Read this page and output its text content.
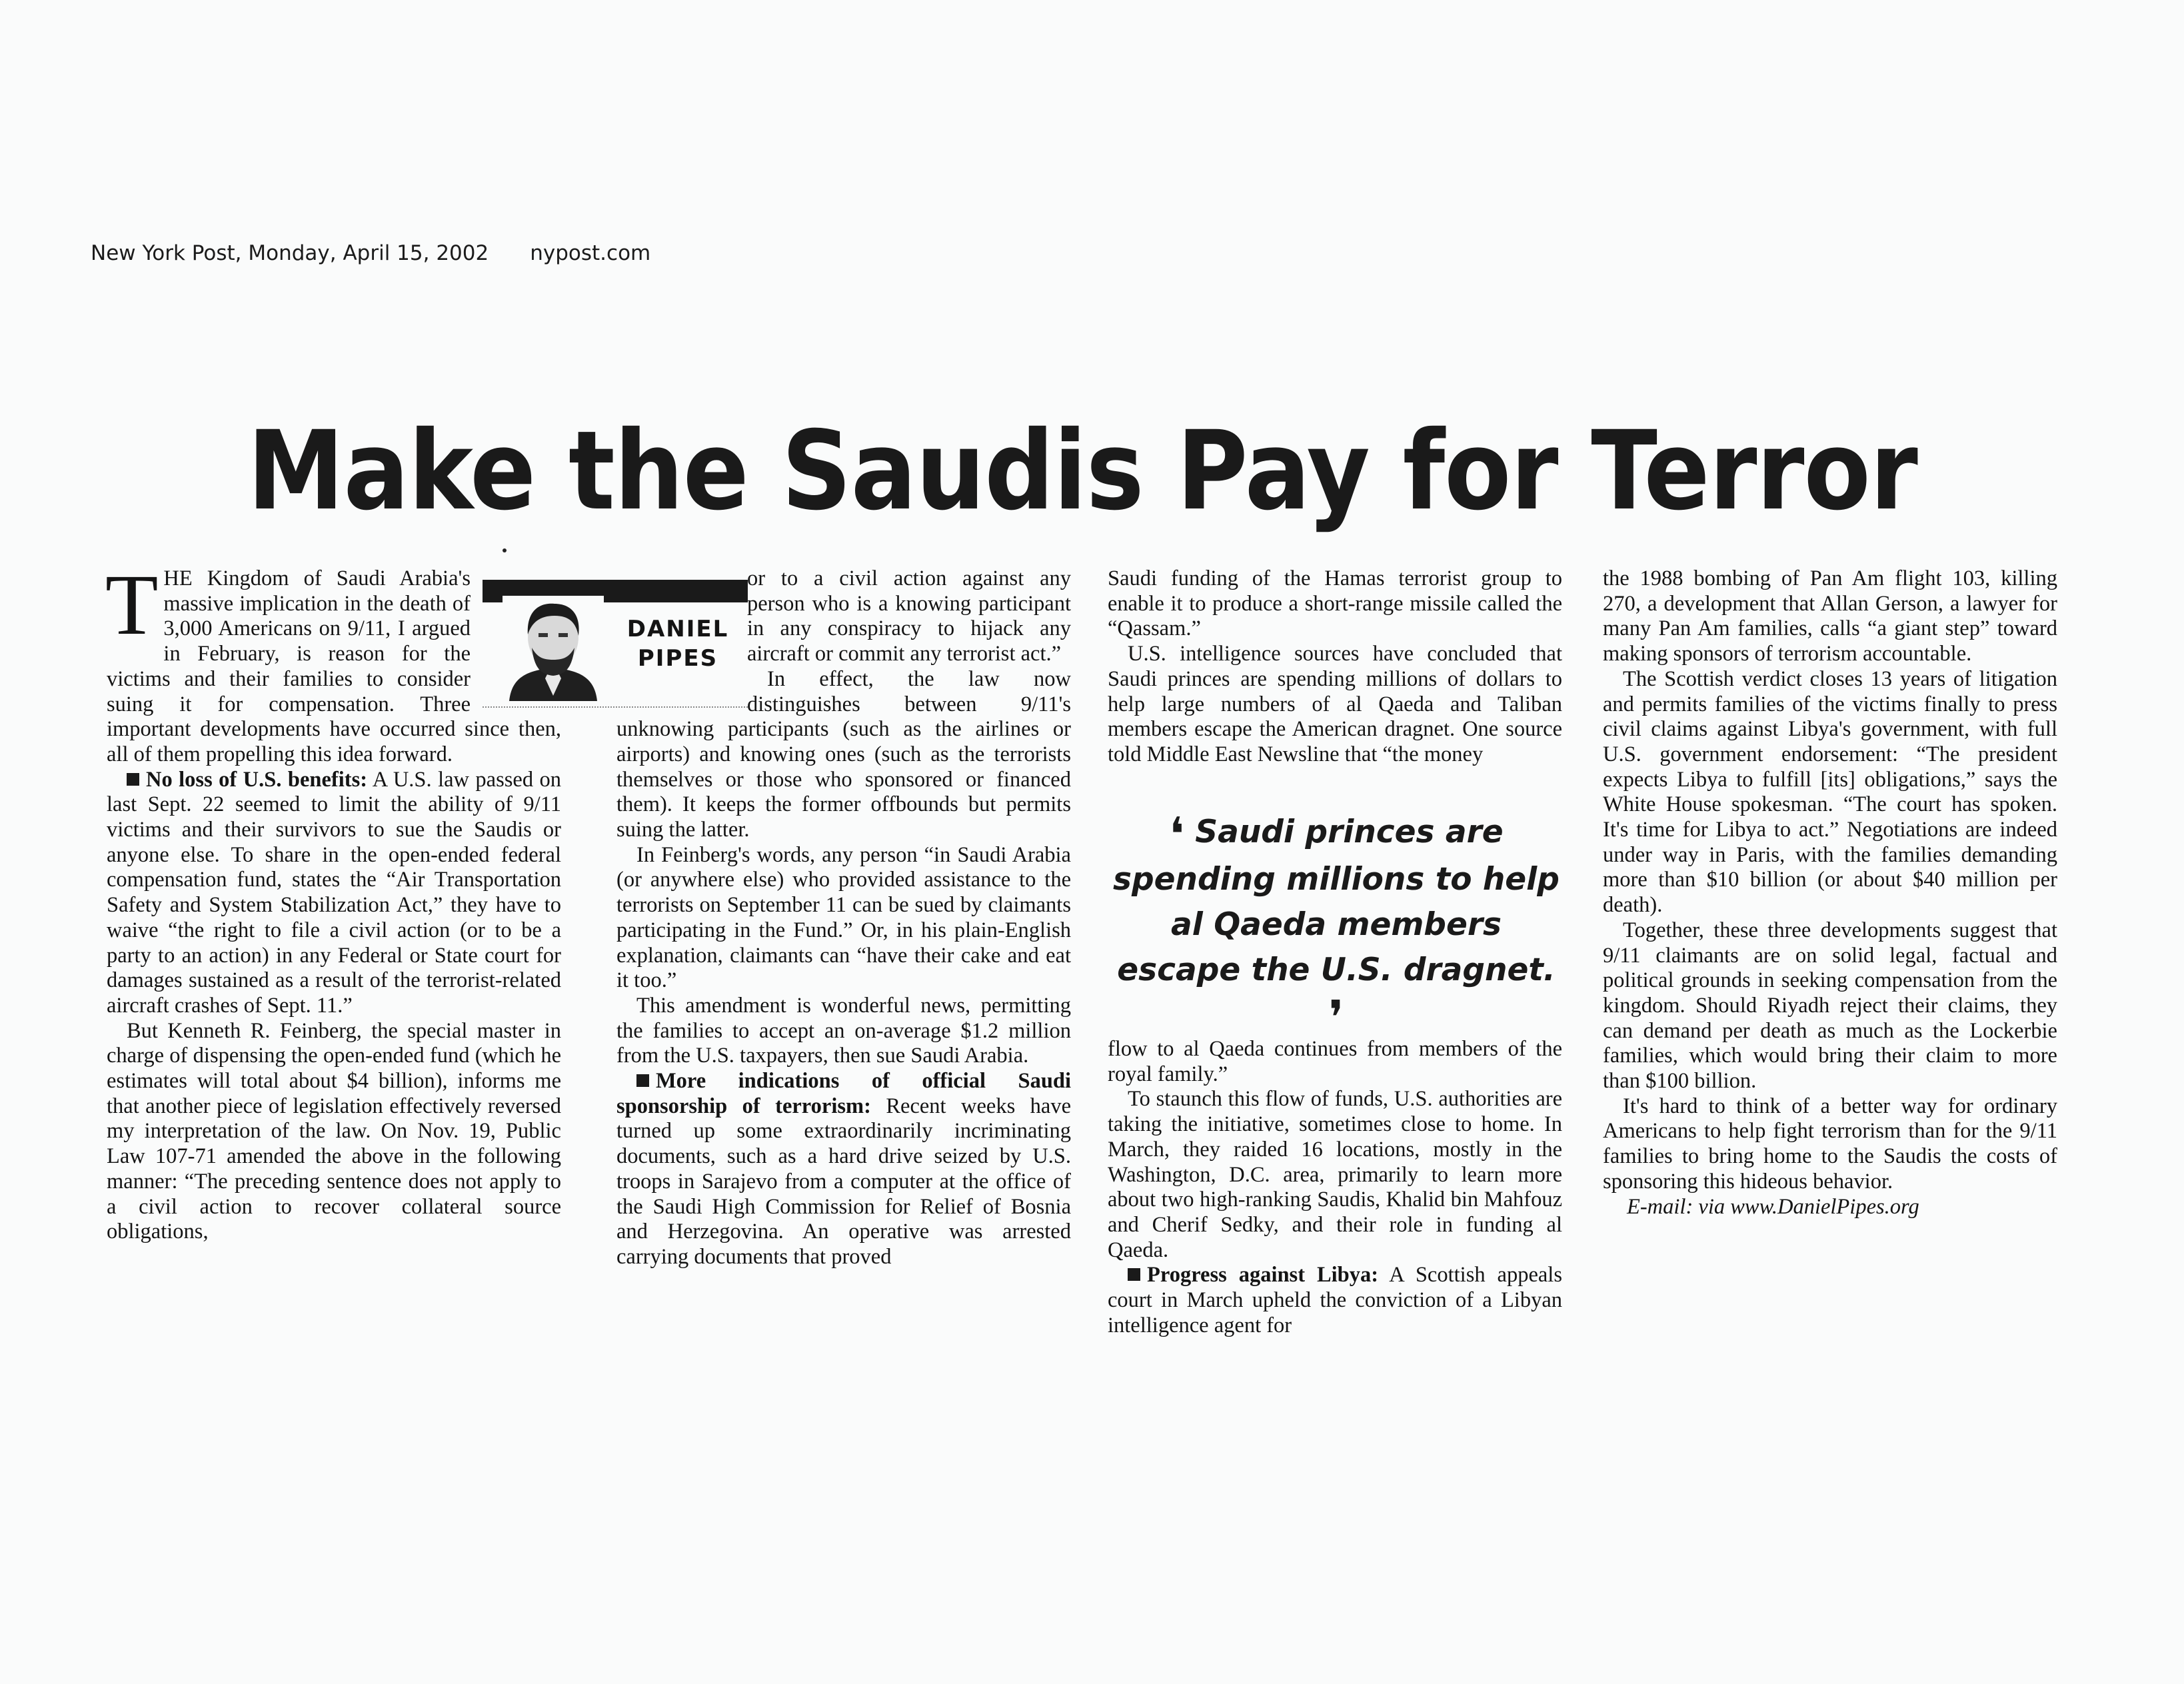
New York Post, Monday, April 15, 2002 nypost.com
Make the Saudis Pay for Terror
DANIEL
PIPES

THE Kingdom of Saudi Arabia's massive implication in the death of 3,000 Americans on 9/11, I argued in February, is reason for the victims and their families to consider suing it for compensation. Three important developments have occurred since then, all of them propelling this idea forward.

No loss of U.S. benefits: A U.S. law passed on last Sept. 22 seemed to limit the ability of 9/11 victims and their survivors to sue the Saudis or anyone else. To share in the open-ended federal compensation fund, states the “Air Transportation Safety and System Stabilization Act,” they have to waive “the right to file a civil action (or to be a party to an action) in any Federal or State court for damages sustained as a result of the terrorist-related aircraft crashes of Sept. 11.”

But Kenneth R. Feinberg, the special master in charge of dispensing the open-ended fund (which he estimates will total about $4 billion), informs me that another piece of legislation effectively reversed my interpretation of the law. On Nov. 19, Public Law 107-71 amended the above in the following manner: “The preceding sentence does not apply to a civil action to recover collateral source obligations,

or to a civil action against any person who is a knowing participant in any conspiracy to hijack any aircraft or commit any terrorist act.”

In effect, the law now distinguishes between 9/11's unknowing participants (such as the airlines or airports) and knowing ones (such as the terrorists themselves or those who sponsored or financed them). It keeps the former offbounds but permits suing the latter.

In Feinberg's words, any person “in Saudi Arabia (or anywhere else) who provided assistance to the terrorists on September 11 can be sued by claimants participating in the Fund.” Or, in his plain-English explanation, claimants can “have their cake and eat it too.”

This amendment is wonderful news, permitting the families to accept an on-average $1.2 million from the U.S. taxpayers, then sue Saudi Arabia.

More indications of official Saudi sponsorship of terrorism: Recent weeks have turned up some extraordinarily incriminating documents, such as a hard drive seized by U.S. troops in Sarajevo from a computer at the office of the Saudi High Commission for Relief of Bosnia and Herzegovina. An operative was arrested carrying documents that proved

Saudi funding of the Hamas terrorist group to enable it to produce a short-range missile called the “Qassam.”

U.S. intelligence sources have concluded that Saudi princes are spending millions of dollars to help large numbers of al Qaeda and Taliban members escape the American dragnet. One source told Middle East Newsline that “the money

❛ Saudi princes are spending millions to help al Qaeda members escape the U.S. dragnet. ❜

flow to al Qaeda continues from members of the royal family.”

To staunch this flow of funds, U.S. authorities are taking the initiative, sometimes close to home. In March, they raided 16 locations, mostly in the Washington, D.C. area, primarily to learn more about two high-ranking Saudis, Khalid bin Mahfouz and Cherif Sedky, and their role in funding al Qaeda.

Progress against Libya: A Scottish appeals court in March upheld the conviction of a Libyan intelligence agent for

the 1988 bombing of Pan Am flight 103, killing 270, a development that Allan Gerson, a lawyer for many Pan Am families, calls “a giant step” toward making sponsors of terrorism accountable.

The Scottish verdict closes 13 years of litigation and permits families of the victims finally to press civil claims against Libya's government, with full U.S. government endorsement: “The president expects Libya to fulfill [its] obligations,” says the White House spokesman. “The court has spoken. It's time for Libya to act.” Negotiations are indeed under way in Paris, with the families demanding more than $10 billion (or about $40 million per death).

Together, these three developments suggest that 9/11 claimants are on solid legal, factual and political grounds in seeking compensation from the kingdom. Should Riyadh reject their claims, they can demand per death as much as the Lockerbie families, which would bring their claim to more than $100 billion.

It's hard to think of a better way for ordinary Americans to help fight terrorism than for the 9/11 families to bring home to the Saudis the costs of sponsoring this hideous behavior.

E-mail: via www.DanielPipes.org
